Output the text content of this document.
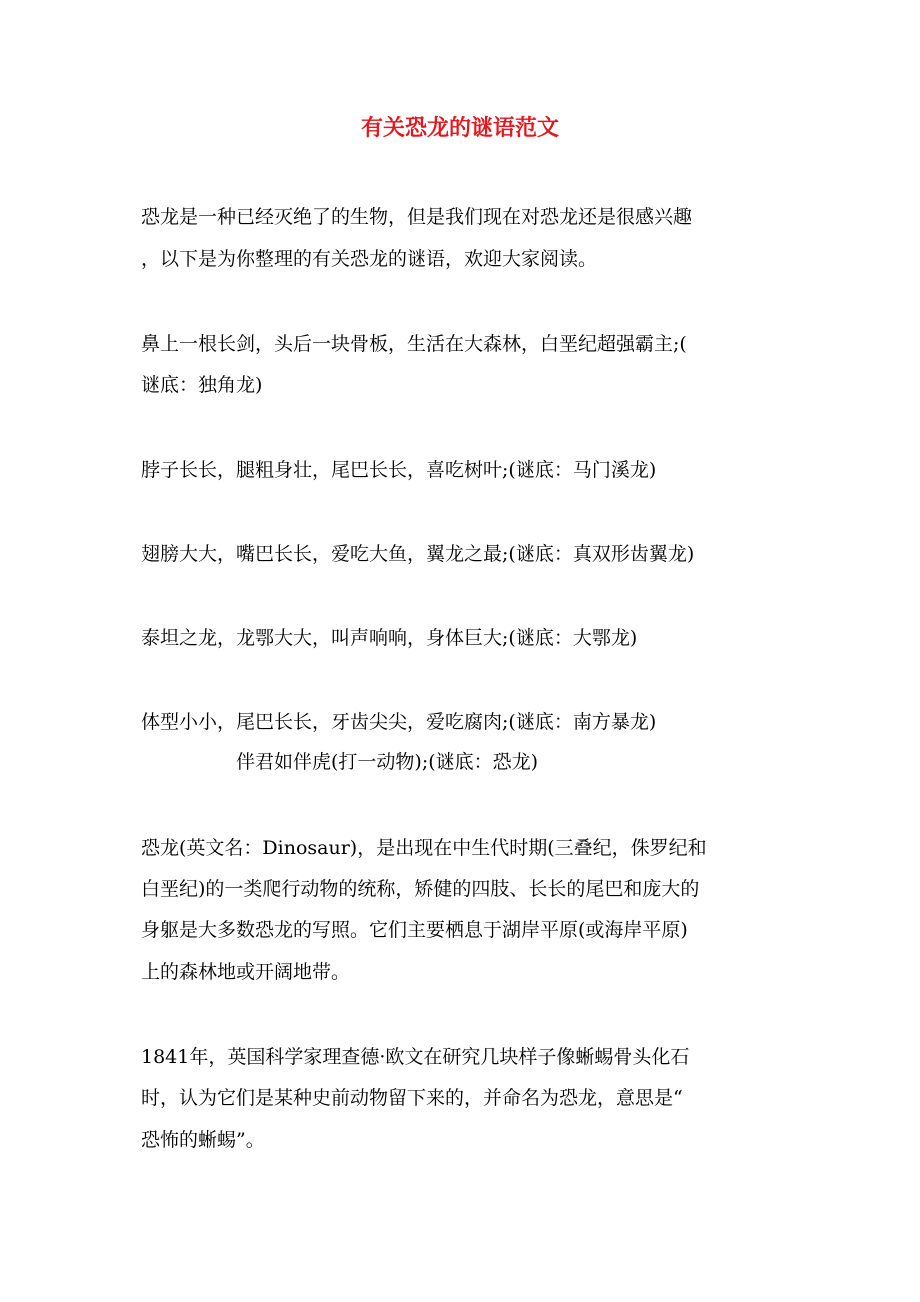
有关恐龙的谜语范文
恐龙是一种已经灭绝了的生物，但是我们现在对恐龙还是很感兴趣
，以下是为你整理的有关恐龙的谜语，欢迎大家阅读。
鼻上一根长剑，头后一块骨板，生活在大森林，白垩纪超强霸主;(
谜底：独角龙)
脖子长长，腿粗身壮，尾巴长长，喜吃树叶;(谜底：马门溪龙)
翅膀大大，嘴巴长长，爱吃大鱼，翼龙之最;(谜底：真双形齿翼龙)
泰坦之龙，龙鄂大大，叫声响响，身体巨大;(谜底：大鄂龙)
体型小小，尾巴长长，牙齿尖尖，爱吃腐肉;(谜底：南方暴龙)
伴君如伴虎(打一动物);(谜底：恐龙)
恐龙(英文名：Dinosaur)，是出现在中生代时期(三叠纪，侏罗纪和
白垩纪)的一类爬行动物的统称，矫健的四肢、长长的尾巴和庞大的
身躯是大多数恐龙的写照。它们主要栖息于湖岸平原(或海岸平原)
上的森林地或开阔地带。
1841年，英国科学家理查德·欧文在研究几块样子像蜥蜴骨头化石
时，认为它们是某种史前动物留下来的，并命名为恐龙，意思是“
恐怖的蜥蜴”。
